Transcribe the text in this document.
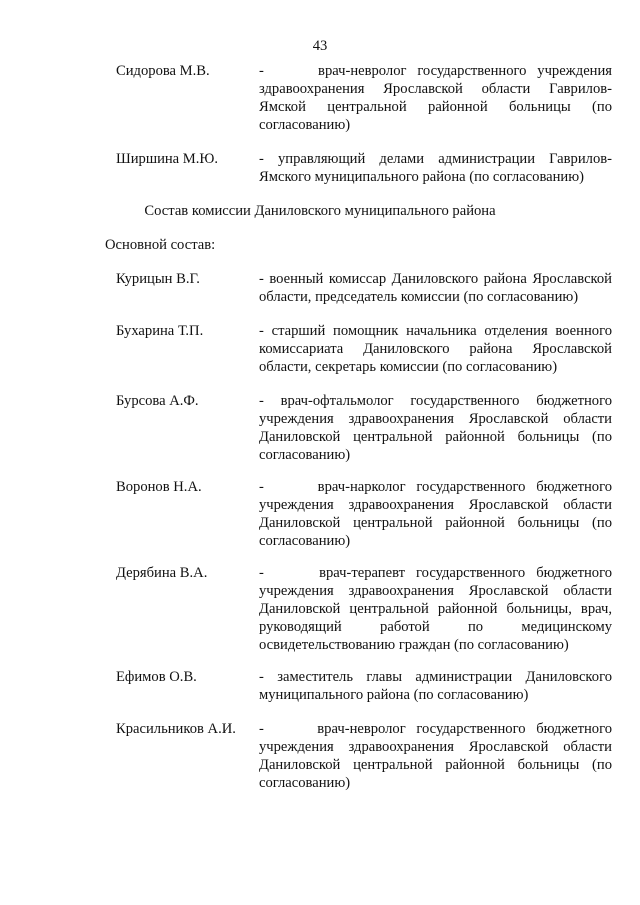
43
Сидорова М.В.	-     врач-невролог государственного учреждения здравоохранения Ярославской области Гаврилов-Ямской центральной районной больницы (по согласованию)
Ширшина М.Ю.	- управляющий делами администрации Гаврилов-Ямского муниципального района (по согласованию)
Состав комиссии Даниловского муниципального района
Основной состав:
Курицын В.Г.	- военный комиссар Даниловского района Ярославской области, председатель комиссии (по согласованию)
Бухарина Т.П.	- старший помощник начальника отделения военного комиссариата Даниловского района Ярославской области, секретарь комиссии (по согласованию)
Бурсова А.Ф.	- врач-офтальмолог государственного бюджетного учреждения здравоохранения Ярославской области Даниловской центральной районной больницы (по согласованию)
Воронов Н.А.	-     врач-нарколог государственного бюджетного учреждения здравоохранения Ярославской области Даниловской центральной районной больницы (по согласованию)
Дерябина В.А.	-     врач-терапевт государственного бюджетного учреждения здравоохранения Ярославской области Даниловской центральной районной больницы, врач, руководящий работой по медицинскому освидетельствованию граждан (по согласованию)
Ефимов О.В.	- заместитель главы администрации Даниловского муниципального района (по согласованию)
Красильников А.И. -     врач-невролог государственного бюджетного учреждения здравоохранения Ярославской области Даниловской центральной районной больницы (по согласованию)
